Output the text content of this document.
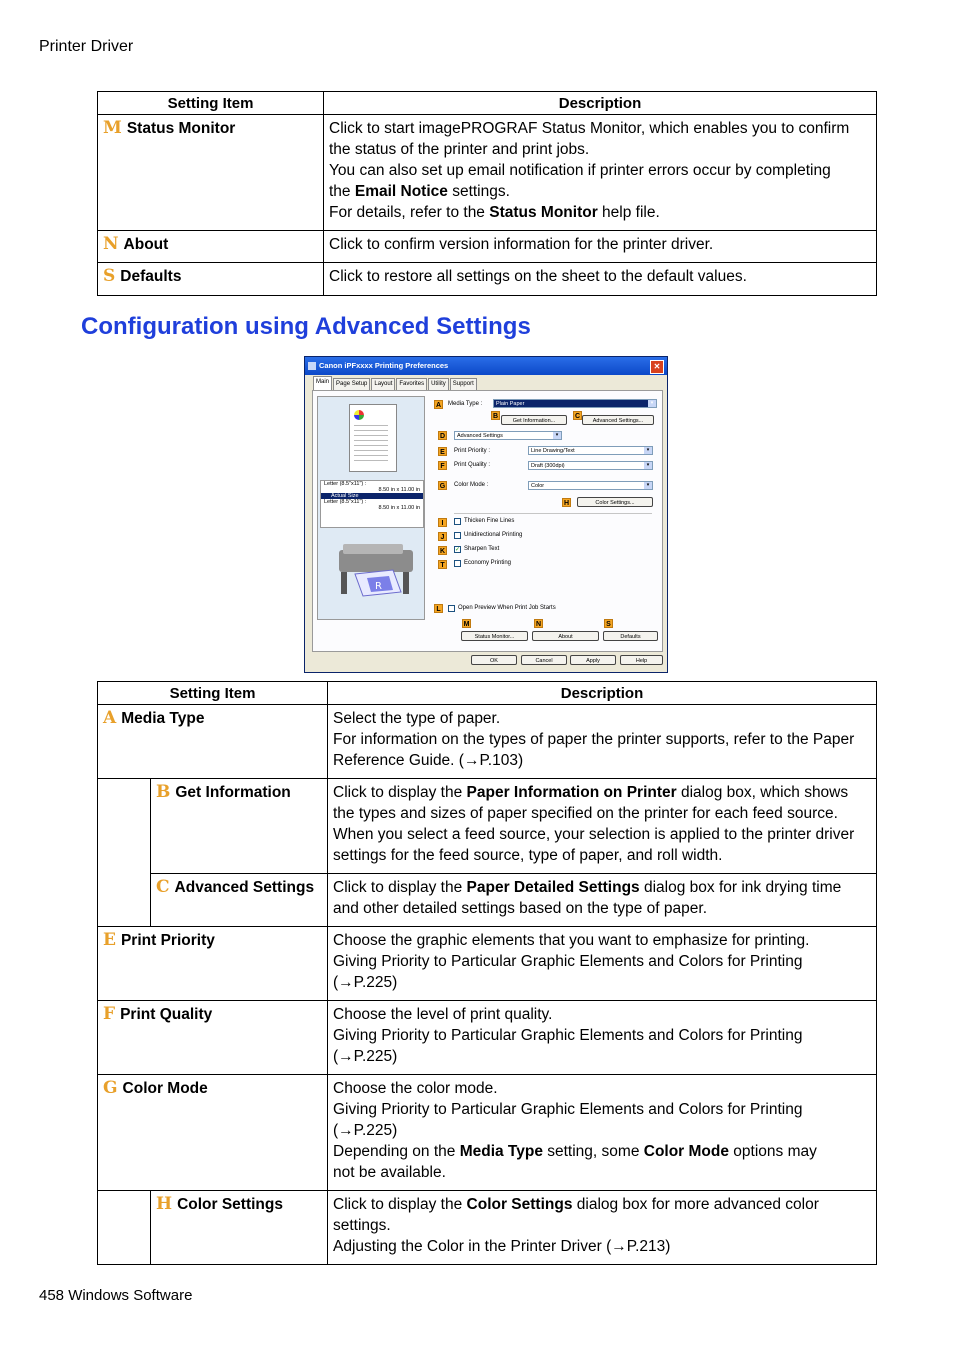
Printer Driver
Setting Item	Description
M Status Monitor	Click to start imagePROGRAF Status Monitor, which enables you to confirm
the status of the printer and print jobs.
You can also set up email notification if printer errors occur by completing
the Email Notice settings.
For details, refer to the Status Monitor help file.

N About	Click to confirm version information for the printer driver.

S Defaults	Click to restore all settings on the sheet to the default values.
Configuration using Advanced Settings
Canon iPFxxxx Printing Preferences	✕
Main	Page Setup	Layout	Favorites	Utility	Support
Letter (8.5"x11") :
8.50 in x 11.00 in
Actual Size
Letter (8.5"x11") :
8.50 in x 11.00 in
R
A
B	C
D
E
F
G
H
I
J
K
T
L
M	N	S
Media Type :	Plain Paper	▾
Get Information...	Advanced Settings...
Advanced Settings	▾
Print Priority :	Line Drawing/Text	▾
Print Quality :	Draft (300dpi)	▾
Color Mode :	Color	▾
Color Settings...
Thicken Fine Lines
Unidirectional Printing
✓ Sharpen Text
Economy Printing
Open Preview When Print Job Starts
Status Monitor...	About	Defaults
OK	Cancel	Apply	Help
Setting Item		Description
A Media Type		Select the type of paper.
For information on the types of paper the printer supports, refer to the Paper
Reference Guide. (→P.103)

	B Get Information	Click to display the Paper Information on Printer dialog box, which shows
the types and sizes of paper specified on the printer for each feed source.
When you select a feed source, your selection is applied to the printer driver
settings for the feed source, type of paper, and roll width.

	C Advanced Settings	Click to display the Paper Detailed Settings dialog box for ink drying time
and other detailed settings based on the type of paper.

E Print Priority		Choose the graphic elements that you want to emphasize for printing.
Giving Priority to Particular Graphic Elements and Colors for Printing
(→P.225)

F Print Quality		Choose the level of print quality.
Giving Priority to Particular Graphic Elements and Colors for Printing
(→P.225)

G Color Mode		Choose the color mode.
Giving Priority to Particular Graphic Elements and Colors for Printing
(→P.225)
Depending on the Media Type setting, some Color Mode options may
not be available.

	H Color Settings	Click to display the Color Settings dialog box for more advanced color
settings.
Adjusting the Color in the Printer Driver (→P.213)
458 Windows Software
